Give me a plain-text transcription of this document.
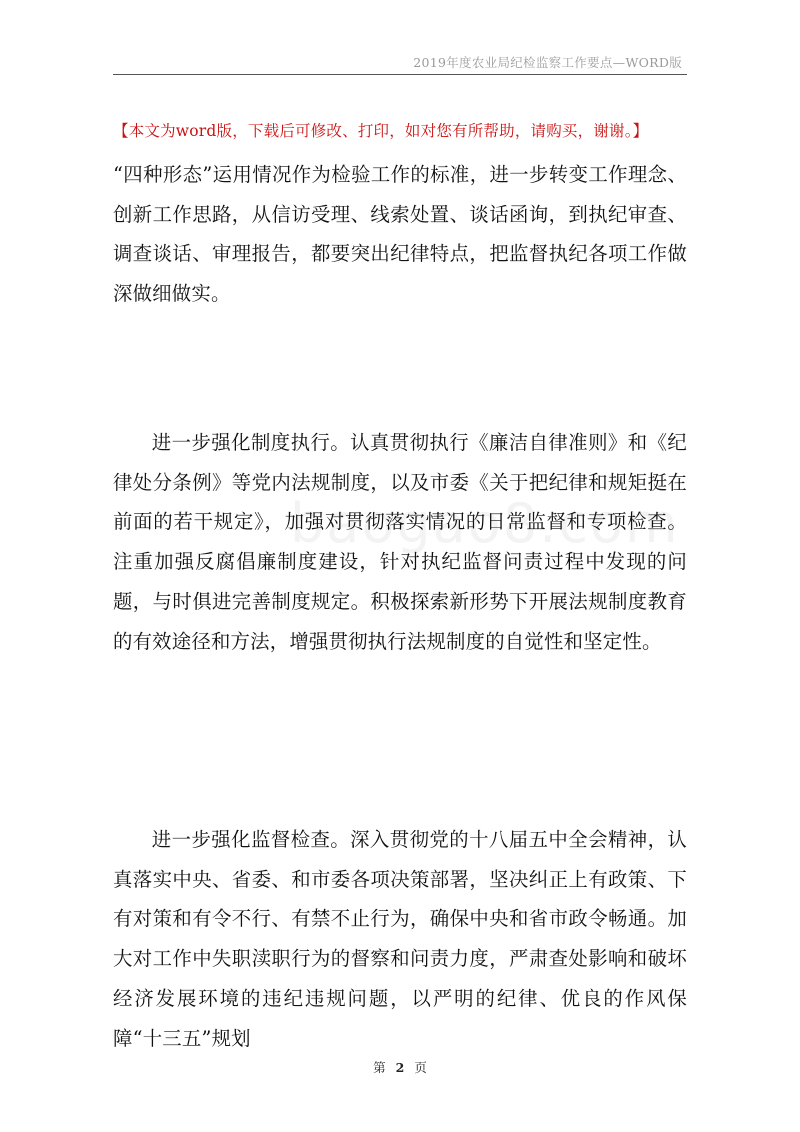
2019年度农业局纪检监察工作要点—WORD版
【本文为word版，下载后可修改、打印，如对您有所帮助，请购买，谢谢。】

“四种形态”运用情况作为检验工作的标准，进一步转变工作理念、创新工作思路，从信访受理、线索处置、谈话函询，到执纪审查、调查谈话、审理报告，都要突出纪律特点，把监督执纪各项工作做深做细做实。

进一步强化制度执行。认真贯彻执行《廉洁自律准则》和《纪律处分条例》等党内法规制度，以及市委《关于把纪律和规矩挺在前面的若干规定》，加强对贯彻落实情况的日常监督和专项检查。注重加强反腐倡廉制度建设，针对执纪监督问责过程中发现的问题，与时俱进完善制度规定。积极探索新形势下开展法规制度教育的有效途径和方法，增强贯彻执行法规制度的自觉性和坚定性。

进一步强化监督检查。深入贯彻党的十八届五中全会精神，认真落实中央、省委、和市委各项决策部署，坚决纠正上有政策、下有对策和有令不行、有禁不止行为，确保中央和省市政令畅通。加大对工作中失职渎职行为的督察和问责力度，严肃查处影响和破坏经济发展环境的违纪违规问题，以严明的纪律、优良的作风保障“十三五”规划

第 2 页
